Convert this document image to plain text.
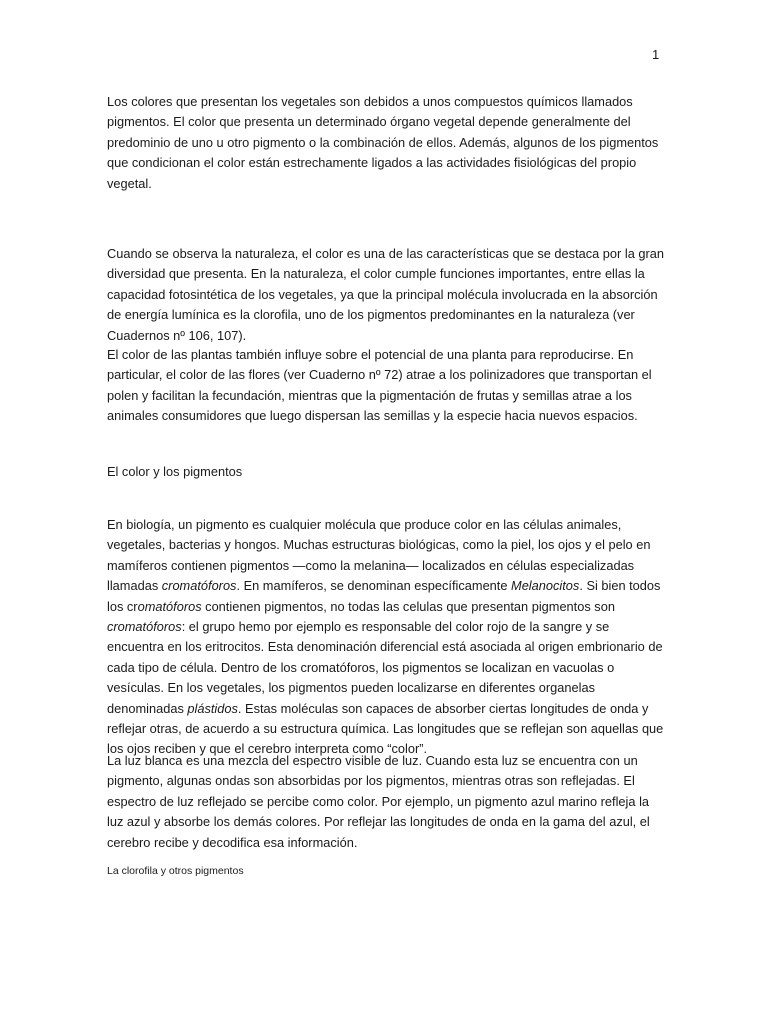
1

Los colores que presentan los vegetales son debidos a unos compuestos químicos llamados pigmentos. El color que presenta un determinado órgano vegetal depende generalmente del predominio de uno u otro pigmento o la combinación de ellos. Además, algunos de los pigmentos que condicionan el color están estrechamente ligados a las actividades fisiológicas del propio vegetal.

Cuando se observa la naturaleza, el color es una de las características que se destaca por la gran diversidad que presenta. En la naturaleza, el color cumple funciones importantes, entre ellas la capacidad fotosintética de los vegetales, ya que la principal molécula involucrada en la absorción de energía lumínica es la clorofila, uno de los pigmentos predominantes en la naturaleza (ver Cuadernos nº 106, 107).

El color de las plantas también influye sobre el potencial de una planta para reproducirse. En particular, el color de las flores (ver Cuaderno nº 72) atrae a los polinizadores que transportan el polen y facilitan la fecundación, mientras que la pigmentación de frutas y semillas atrae a los animales consumidores que luego dispersan las semillas y la especie hacia nuevos espacios.

El color y los pigmentos

En biología, un pigmento es cualquier molécula que produce color en las células animales, vegetales, bacterias y hongos. Muchas estructuras biológicas, como la piel, los ojos y el pelo en mamíferos contienen pigmentos —como la melanina— localizados en células especializadas llamadas cromatóforos. En mamíferos, se denominan específicamente Melanocitos. Si bien todos los cromatóforos contienen pigmentos, no todas las celulas que presentan pigmentos son cromatóforos: el grupo hemo por ejemplo es responsable del color rojo de la sangre y se encuentra en los eritrocitos. Esta denominación diferencial está asociada al origen embrionario de cada tipo de célula. Dentro de los cromatóforos, los pigmentos se localizan en vacuolas o vesículas. En los vegetales, los pigmentos pueden localizarse en diferentes organelas denominadas plástidos. Estas moléculas son capaces de absorber ciertas longitudes de onda y reflejar otras, de acuerdo a su estructura química. Las longitudes que se reflejan son aquellas que los ojos reciben y que el cerebro interpreta como “color”.

La luz blanca es una mezcla del espectro visible de luz. Cuando esta luz se encuentra con un pigmento, algunas ondas son absorbidas por los pigmentos, mientras otras son reflejadas. El espectro de luz reflejado se percibe como color. Por ejemplo, un pigmento azul marino refleja la luz azul y absorbe los demás colores. Por reflejar las longitudes de onda en la gama del azul, el cerebro recibe y decodifica esa información.

La clorofila y otros pigmentos
